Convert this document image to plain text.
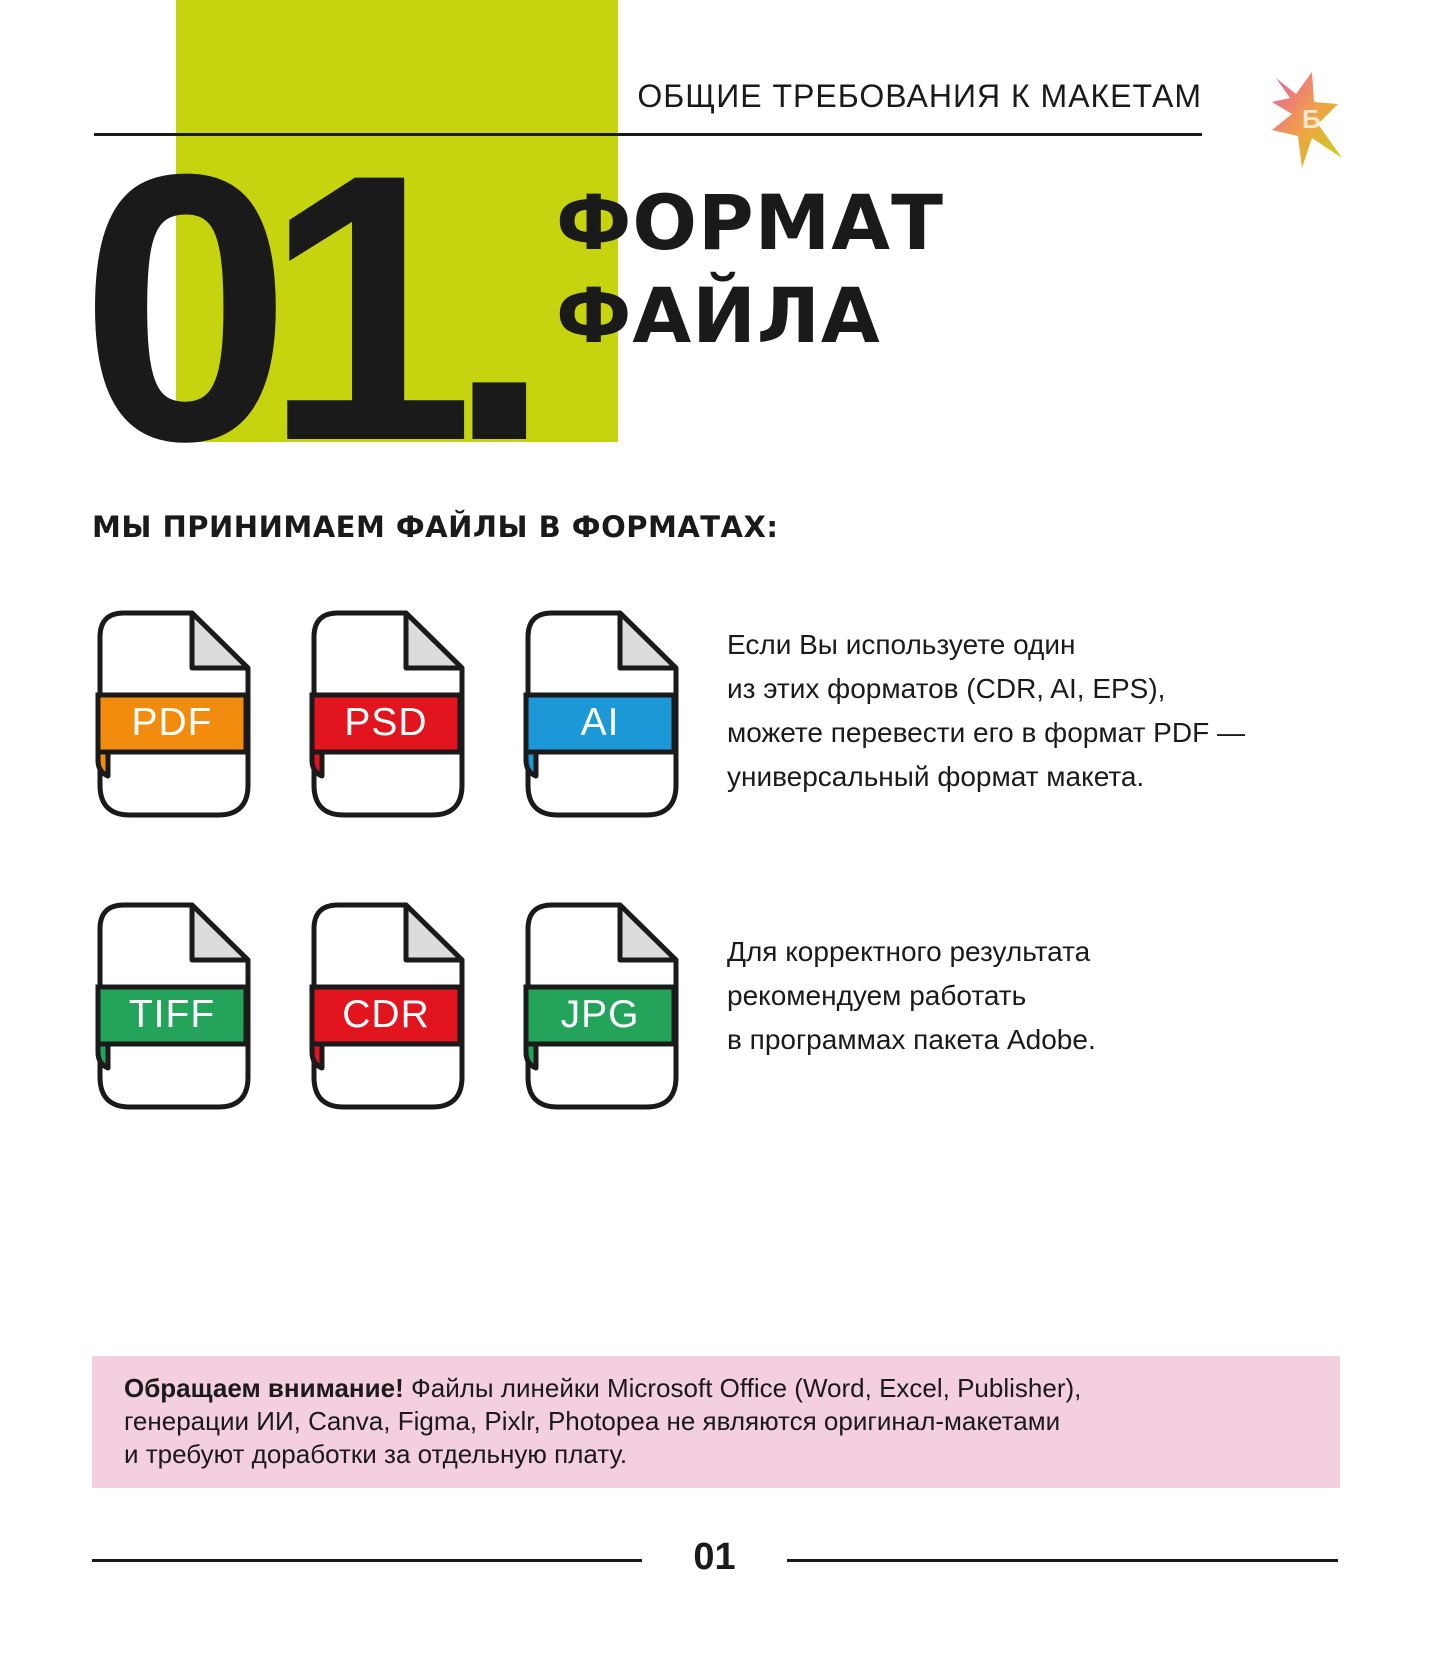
ОБЩИЕ ТРЕБОВАНИЯ К МАКЕТАМ
Б
01. ФОРМАТ
ФАЙЛА
МЫ ПРИНИМАЕМ ФАЙЛЫ В ФОРМАТАХ:
PDF	PSD	AI
TIFF	CDR	JPG
Если Вы используете один
из этих форматов (CDR, AI, EPS),
можете перевести его в формат PDF —
универсальный формат макета.
Для корректного результата
рекомендуем работать
в программах пакета Adobe.
Обращаем внимание! Файлы линейки Microsoft Office (Word, Excel, Publisher),
генерации ИИ, Canva, Figma, Pixlr, Photopea не являются оригинал-макетами
и требуют доработки за отдельную плату.
01
